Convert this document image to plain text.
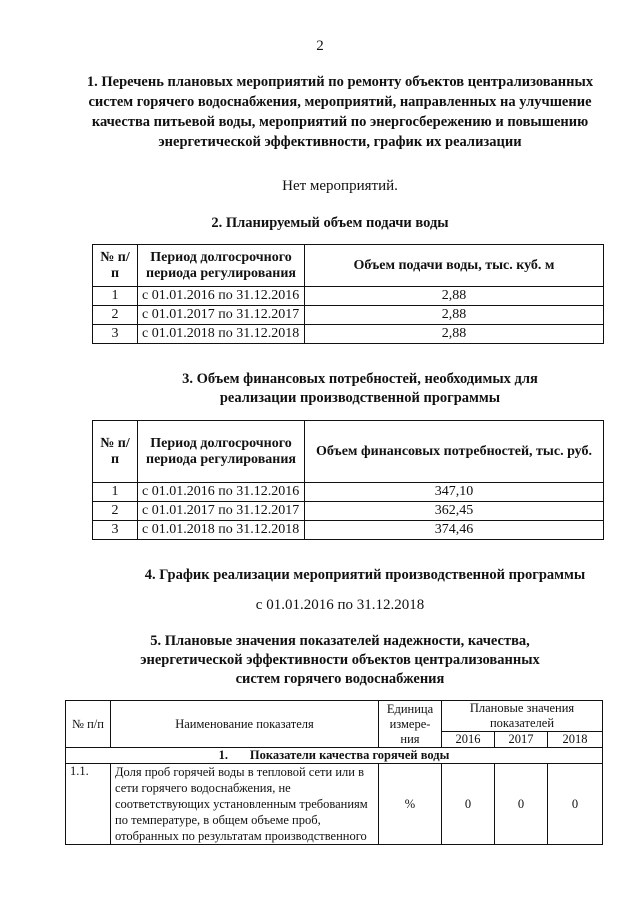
2
1. Перечень плановых мероприятий по ремонту объектов централизованных систем горячего водоснабжения, мероприятий, направленных на улучшение качества питьевой воды, мероприятий по энергосбережению и повышению энергетической эффективности, график их реализации
Нет мероприятий.
2. Планируемый объем подачи воды
№ п/п	Период долгосрочного периода регулирования	Объем подачи воды, тыс. куб. м
1	с 01.01.2016 по 31.12.2016	2,88
2	с 01.01.2017 по 31.12.2017	2,88
3	с 01.01.2018 по 31.12.2018	2,88
3. Объем финансовых потребностей, необходимых для реализации производственной программы
№ п/п	Период долгосрочного периода регулирования	Объем финансовых потребностей, тыс. руб.
1	с 01.01.2016 по 31.12.2016	347,10
2	с 01.01.2017 по 31.12.2017	362,45
3	с 01.01.2018 по 31.12.2018	374,46
4. График реализации мероприятий производственной программы
с 01.01.2016 по 31.12.2018
5. Плановые значения показателей надежности, качества, энергетической эффективности объектов централизованных систем горячего водоснабжения
№ п/п	Наименование показателя	Единица измере-ния	Плановые значения показателей		
			2016	2017	2018
1. Показатели качества горячей воды					
1.1.	Доля проб горячей воды в тепловой сети или в сети горячего водоснабжения, не соответствующих установленным требованиям по температуре, в общем объеме проб, отобранных по результатам производственного	%	0	0	0
